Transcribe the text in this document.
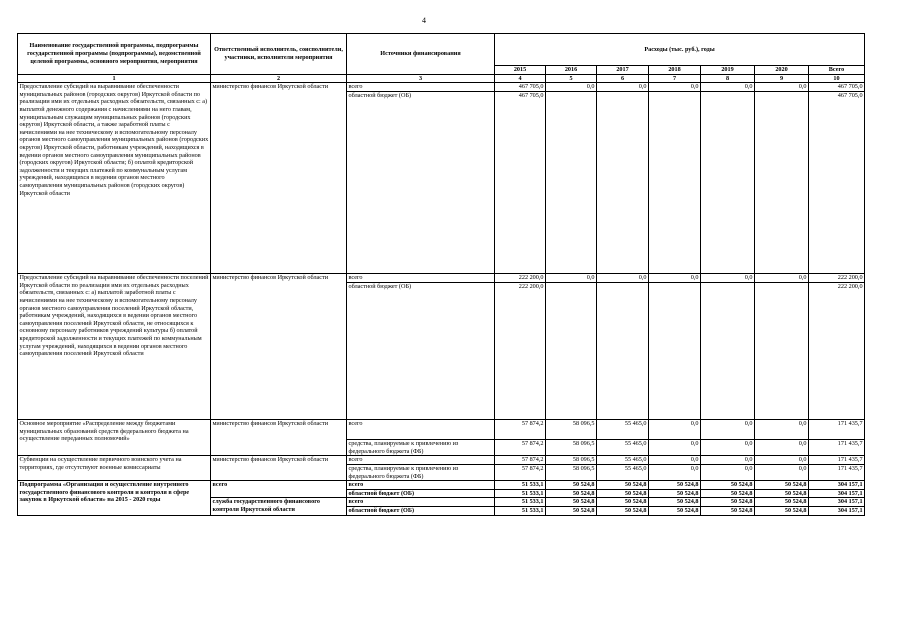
4
Наименование государственной программы, подпрограммы государственной программы (подпрограммы), ведомственной целевой программы, основного мероприятия, мероприятия	Ответственный исполнитель, соисполнители, участники, исполнители мероприятия	Источники финансирования	Расходы (тыс. руб.), годы						
			2015	2016	2017	2018	2019	2020	Всего
1	2	3	4	5	6	7	8	9	10
Предоставление субсидий на выравнивание обеспеченности муниципальных районов (городских округов) Иркутской области по реализации ими их отдельных расходных обязательств, связанных с: а) выплатой денежного содержания с начислениями на него главам, муниципальным служащим муниципальных районов (городских округов) Иркутской области, а также заработной платы с начислениями на нее техническому и вспомогательному персоналу органов местного самоуправления муниципальных районов (городских округов) Иркутской области, работникам учреждений, находящихся в ведении органов местного самоуправления муниципальных районов (городских округов) Иркутской области; б) оплатой кредиторской задолженности и текущих платежей по коммунальным услугам учреждений, находящихся в ведении органов местного самоуправления муниципальных районов (городских округов) Иркутской области	министерство финансов Иркутской области	всего	467 705,0	0,0	0,0	0,0	0,0	0,0	467 705,0
		областной бюджет (ОБ)	467 705,0						467 705,0
Предоставление субсидий на выравнивание обеспеченности поселений Иркутской области по реализации ими их отдельных расходных обязательств, связанных с: а) выплатой заработной платы с начислениями на нее техническому и вспомогательному персоналу органов местного самоуправления поселений Иркутской области, работникам учреждений, находящихся в ведении органов местного самоуправления поселений Иркутской области, не относящихся к основному персоналу работников учреждений культуры б) оплатой кредиторской задолженности и текущих платежей по коммунальным услугам учреждений, находящихся в ведении органов местного самоуправления поселений Иркутской области	министерство финансов Иркутской области	всего	222 200,0	0,0	0,0	0,0	0,0	0,0	222 200,0
		областной бюджет (ОБ)	222 200,0						222 200,0
Основное мероприятие «Распределение между бюджетами муниципальных образований средств федерального бюджета на осуществление переданных полномочий»	министерство финансов Иркутской области	всего	57 874,2	58 096,5	55 465,0	0,0	0,0	0,0	171 435,7
		средства, планируемые к привлечению из федерального бюджета (ФБ)	57 874,2	58 096,5	55 465,0	0,0	0,0	0,0	171 435,7
Субвенции на осуществление первичного воинского учета на территориях, где отсутствуют военные комиссариаты	министерство финансов Иркутской области	всего	57 874,2	58 096,5	55 465,0	0,0	0,0	0,0	171 435,7
		средства, планируемые к привлечению из федерального бюджета (ФБ)	57 874,2	58 096,5	55 465,0	0,0	0,0	0,0	171 435,7
Подпрограмма «Организация и осуществление внутреннего государственного финансового контроля и контроля в сфере закупок в Иркутской области» на 2015 - 2020 годы	всего	всего	51 533,1	50 524,8	50 524,8	50 524,8	50 524,8	50 524,8	304 157,1
		областной бюджет (ОБ)	51 533,1	50 524,8	50 524,8	50 524,8	50 524,8	50 524,8	304 157,1
	служба государственного финансового контроля Иркутской области	всего	51 533,1	50 524,8	50 524,8	50 524,8	50 524,8	50 524,8	304 157,1
		областной бюджет (ОБ)	51 533,1	50 524,8	50 524,8	50 524,8	50 524,8	50 524,8	304 157,1
